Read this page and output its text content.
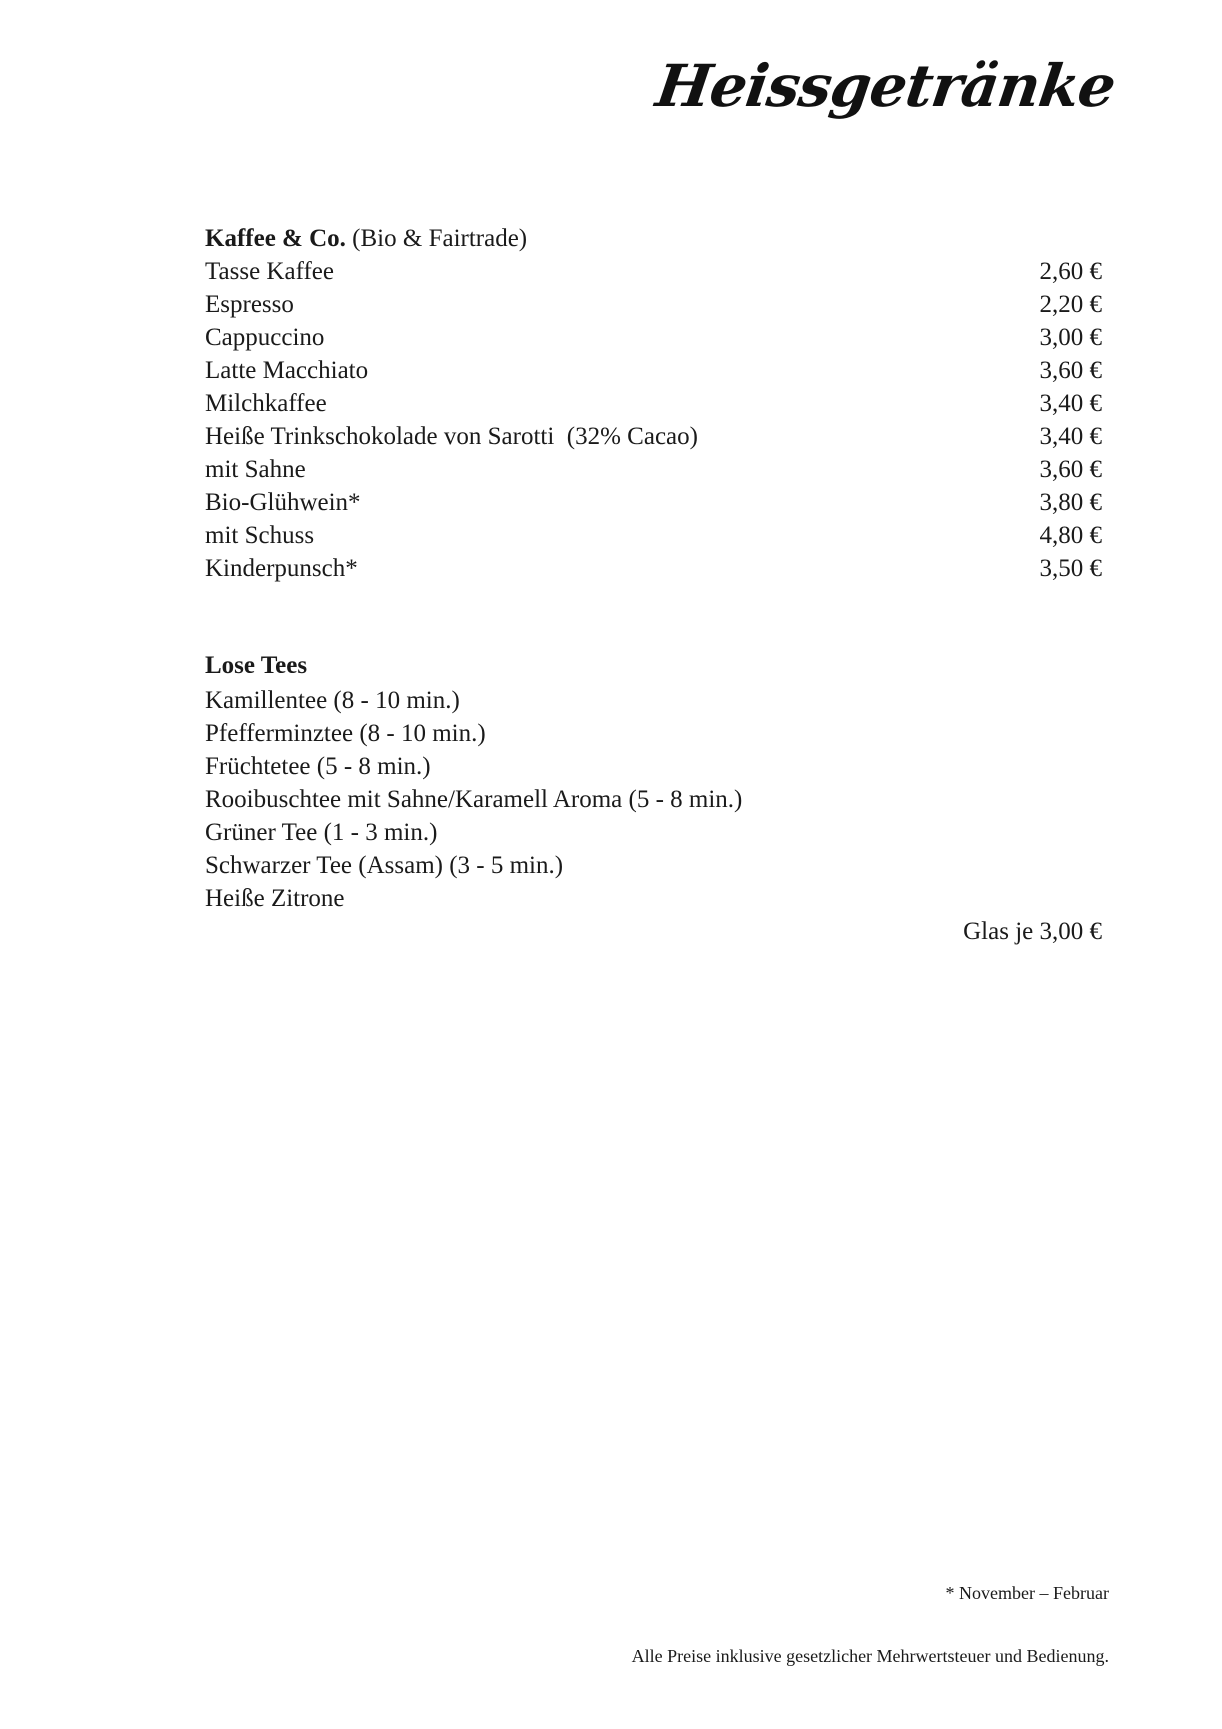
Heissgetränke
Kaffee & Co. (Bio & Fairtrade)
Tasse Kaffee	2,60 €
Espresso	2,20 €
Cappuccino	3,00 €
Latte Macchiato	3,60 €
Milchkaffee	3,40 €
Heiße Trinkschokolade von Sarotti  (32% Cacao)	3,40 €
mit Sahne	3,60 €
Bio-Glühwein*	3,80 €
mit Schuss	4,80 €
Kinderpunsch*	3,50 €
Lose Tees
Kamillentee (8 - 10 min.)
Pfefferminztee (8 - 10 min.)
Früchtetee (5 - 8 min.)
Rooibuschtee mit Sahne/Karamell Aroma (5 - 8 min.)
Grüner Tee (1 - 3 min.)
Schwarzer Tee (Assam) (3 - 5 min.)
Heiße Zitrone
Glas je 3,00 €
* November – Februar
Alle Preise inklusive gesetzlicher Mehrwertsteuer und Bedienung.
